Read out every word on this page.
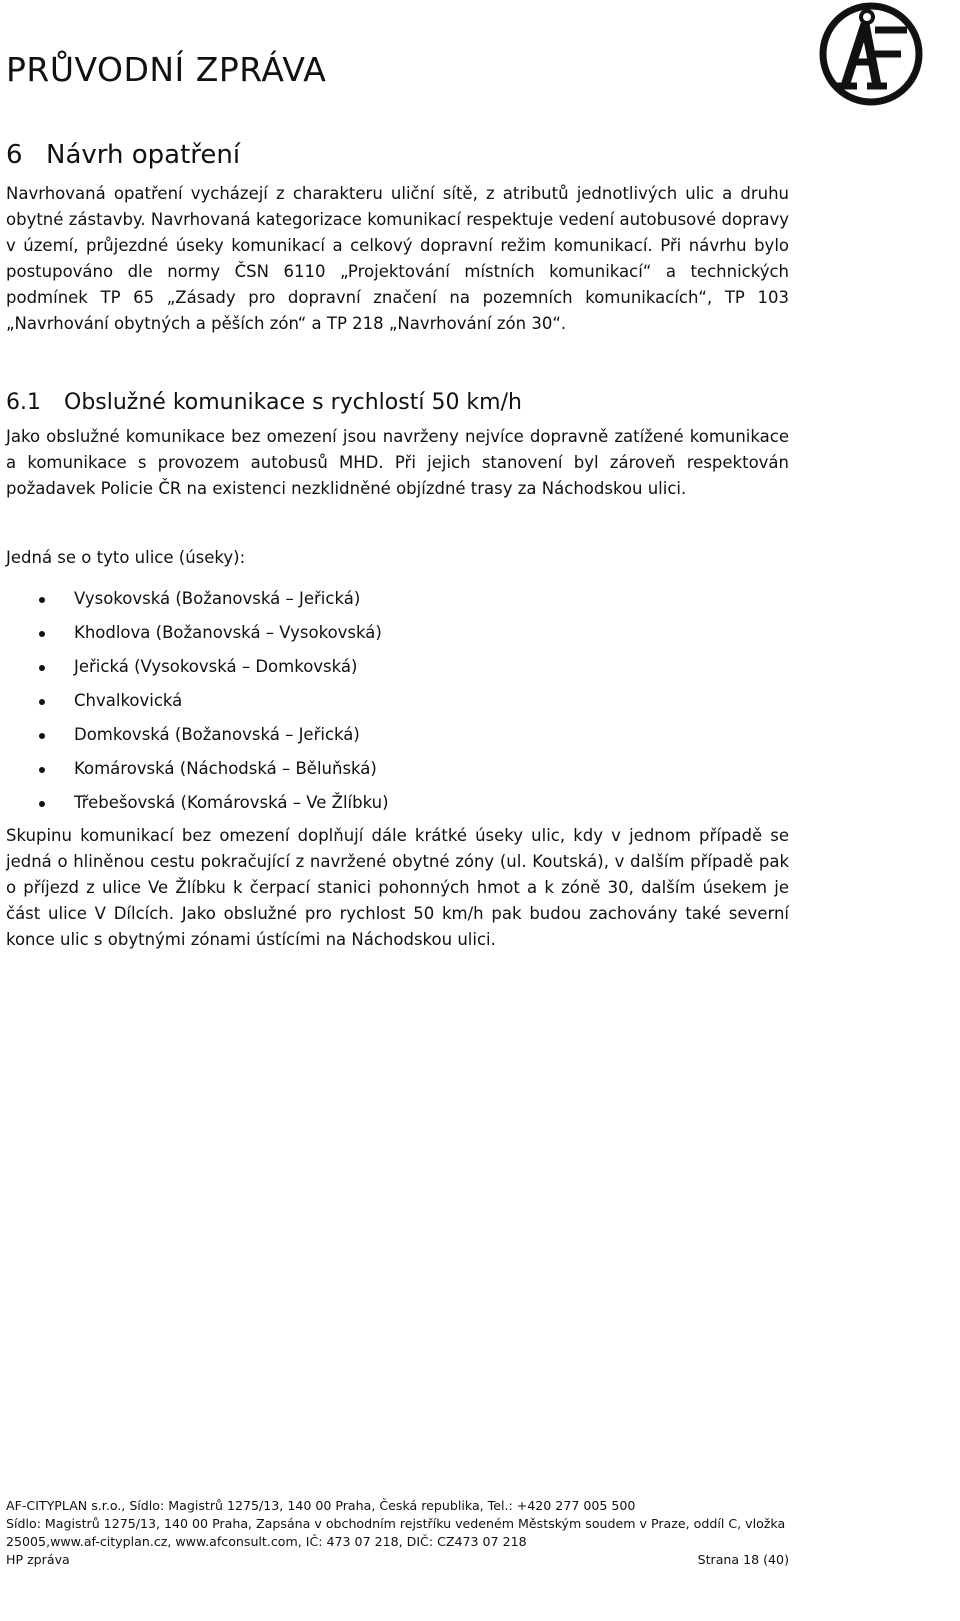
PRŮVODNÍ ZPRÁVA
6 Návrh opatření

Navrhovaná opatření vycházejí z charakteru uliční sítě, z atributů jednotlivých ulic a druhu obytné zástavby. Navrhovaná kategorizace komunikací respektuje vedení autobusové dopravy v území, průjezdné úseky komunikací a celkový dopravní režim komunikací. Při návrhu bylo postupováno dle normy ČSN 6110 „Projektování místních komunikací“ a technických podmínek TP 65 „Zásady pro dopravní značení na pozemních komunikacích“, TP 103 „Navrhování obytných a pěších zón“ a TP 218 „Navrhování zón 30“.

6.1 Obslužné komunikace s rychlostí 50 km/h

Jako obslužné komunikace bez omezení jsou navrženy nejvíce dopravně zatížené komunikace a komunikace s provozem autobusů MHD. Při jejich stanovení byl zároveň respektován požadavek Policie ČR na existenci nezklidněné objízdné trasy za Náchodskou ulici.

Jedná se o tyto ulice (úseky):

Vysokovská (Božanovská – Jeřická)
Khodlova (Božanovská – Vysokovská)
Jeřická (Vysokovská – Domkovská)
Chvalkovická
Domkovská (Božanovská – Jeřická)
Komárovská (Náchodská – Běluňská)
Třebešovská (Komárovská – Ve Žlíbku)

Skupinu komunikací bez omezení doplňují dále krátké úseky ulic, kdy v jednom případě se jedná o hliněnou cestu pokračující z navržené obytné zóny (ul. Koutská), v dalším případě pak o příjezd z ulice Ve Žlíbku k čerpací stanici pohonných hmot a k zóně 30, dalším úsekem je část ulice V Dílcích. Jako obslužné pro rychlost 50 km/h pak budou zachovány také severní konce ulic s obytnými zónami ústícími na Náchodskou ulici.

AF-CITYPLAN s.r.o., Sídlo: Magistrů 1275/13, 140 00 Praha, Česká republika, Tel.: +420 277 005 500
Sídlo: Magistrů 1275/13, 140 00 Praha, Zapsána v obchodním rejstříku vedeném Městským soudem v Praze, oddíl C, vložka
25005,www.af-cityplan.cz, www.afconsult.com, IČ: 473 07 218, DIČ: CZ473 07 218
HP zpráva	Strana 18 (40)
